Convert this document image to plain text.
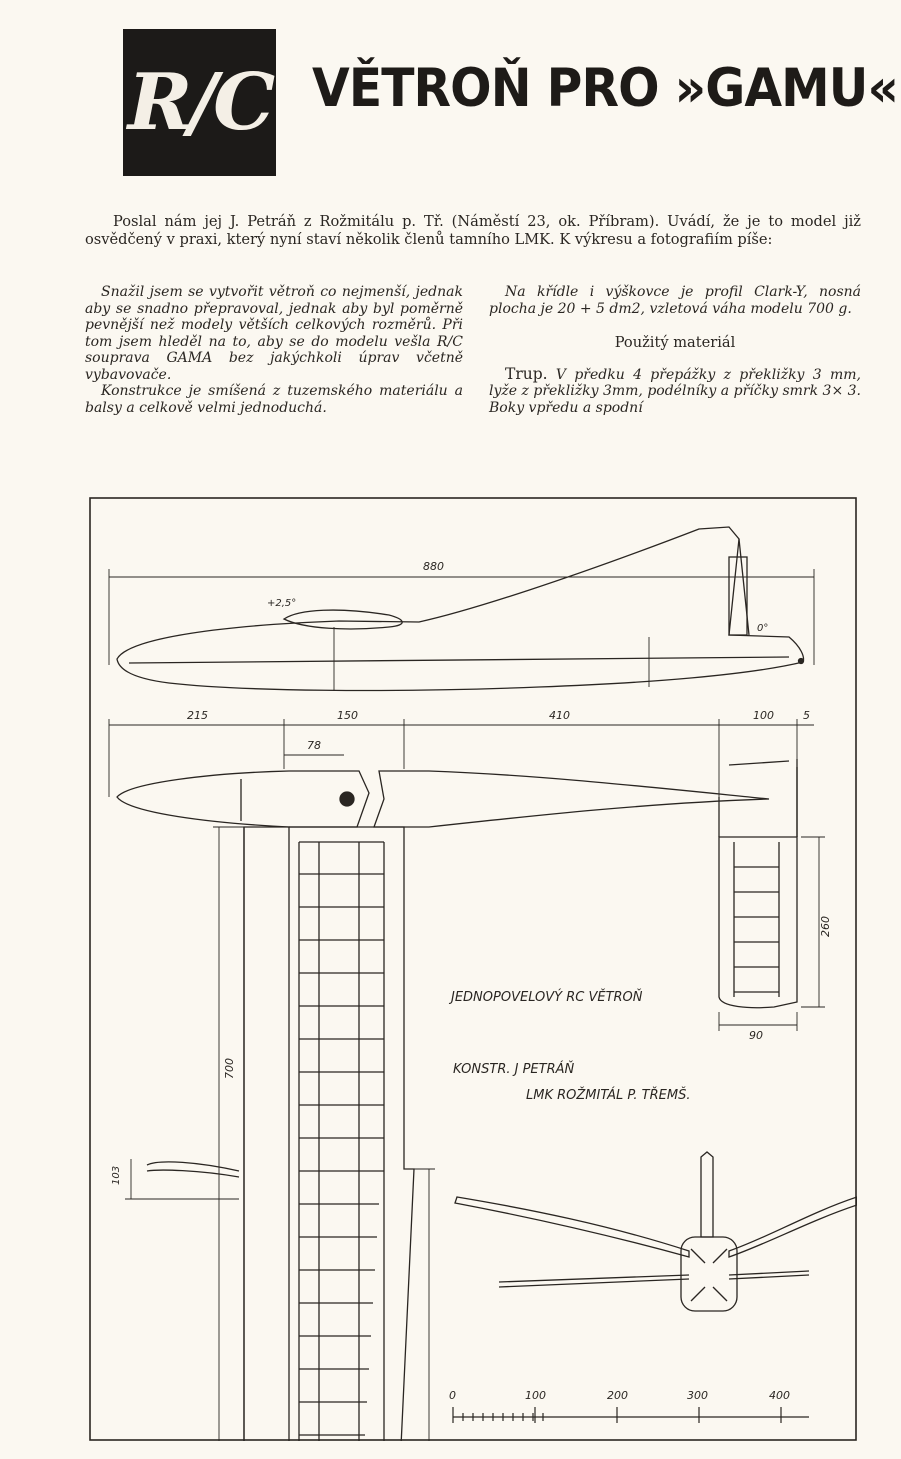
R/C VĚTROŇ PRO »GAMU«
Poslal nám jej J. Petráň z Rožmitálu p. Tř. (Náměstí 23, ok. Příbram). Uvádí, že je to model již osvědčený v praxi, který nyní staví několik členů tamního LMK. K výkresu a fotografiím píše:

Snažil jsem se vytvořit větroň co nejmenší, jednak aby se snadno přepravoval, jednak aby byl poměrně pevnější než modely větších celkových rozměrů. Při tom jsem hleděl na to, aby se do modelu vešla R/C souprava GAMA bez jakýchkoli úprav včetně vybavovače.

Konstrukce je smíšená z tuzemského materiálu a balsy a celkově velmi jednoduchá.

Na křídle i výškovce je profil Clark-Y, nosná plocha je 20 + 5 dm2, vzletová váha modelu 700 g.

Použitý materiál

Trup. V předku 4 přepážky z překližky 3 mm, lyže z překližky 3mm, podélníky a příčky smrk 3× 3. Boky vpředu a spodní

880
+2,5°
0°
215	150	410	100	5
78
700
103
260
90
JEDNOPOVELOVÝ RC VĚTROŇ
KONSTR. J PETRÁŇ
LMK ROŽMITÁL P. TŘEMŠ.
0	100	200	300	400
